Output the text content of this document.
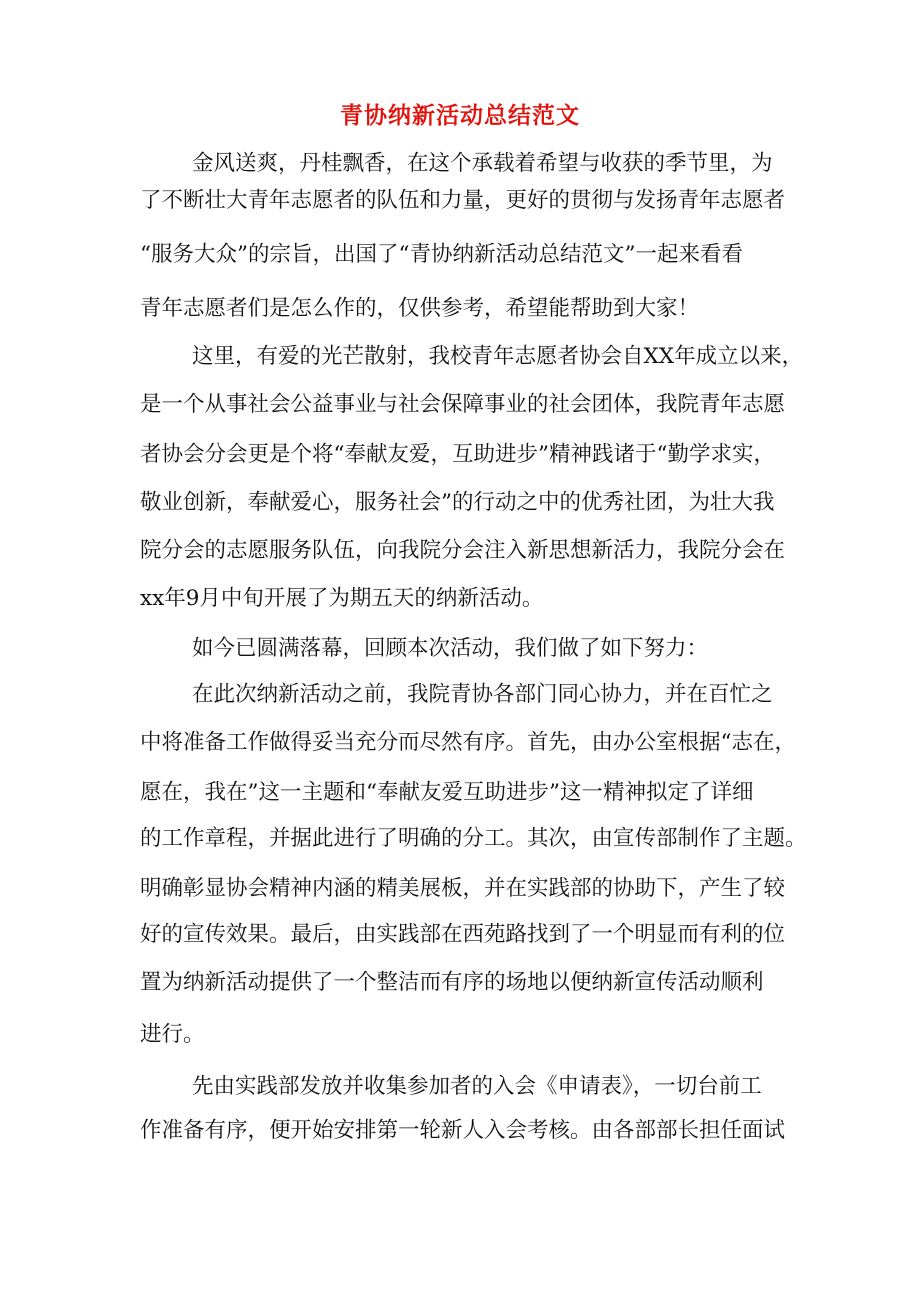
青协纳新活动总结范文
金风送爽，丹桂飘香，在这个承载着希望与收获的季节里，为
了不断壮大青年志愿者的队伍和力量，更好的贯彻与发扬青年志愿者
“服务大众”的宗旨，出国了“青协纳新活动总结范文”一起来看看
青年志愿者们是怎么作的，仅供参考，希望能帮助到大家！
这里，有爱的光芒散射，我校青年志愿者协会自XX年成立以来，
是一个从事社会公益事业与社会保障事业的社会团体，我院青年志愿
者协会分会更是个将“奉献友爱，互助进步”精神践诸于“勤学求实，
敬业创新，奉献爱心，服务社会”的行动之中的优秀社团，为壮大我
院分会的志愿服务队伍，向我院分会注入新思想新活力，我院分会在
xx年9月中旬开展了为期五天的纳新活动。
如今已圆满落幕，回顾本次活动，我们做了如下努力：
在此次纳新活动之前，我院青协各部门同心协力，并在百忙之
中将准备工作做得妥当充分而尽然有序。首先，由办公室根据“志在，
愿在，我在”这一主题和“奉献友爱互助进步”这一精神拟定了详细
的工作章程，并据此进行了明确的分工。其次，由宣传部制作了主题。
明确彰显协会精神内涵的精美展板，并在实践部的协助下，产生了较
好的宣传效果。最后，由实践部在西苑路找到了一个明显而有利的位
置为纳新活动提供了一个整洁而有序的场地以便纳新宣传活动顺利
进行。
先由实践部发放并收集参加者的入会《申请表》，一切台前工
作准备有序，便开始安排第一轮新人入会考核。由各部部长担任面试
